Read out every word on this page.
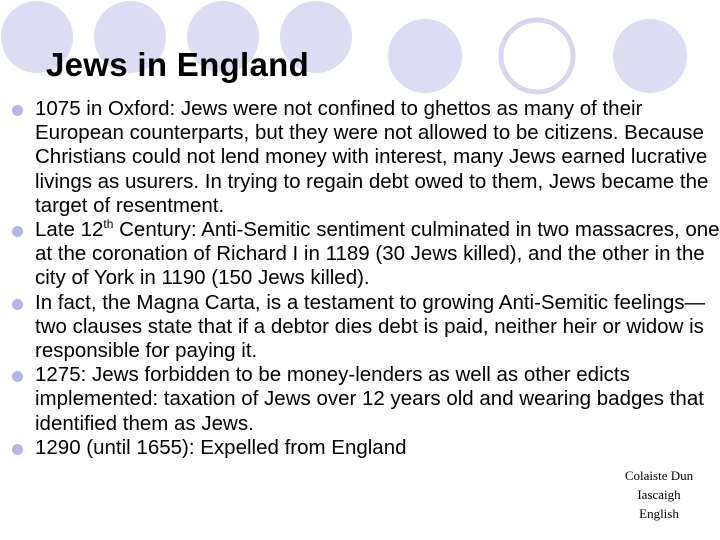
Jews in England
1075 in Oxford: Jews were not confined to ghettos as many of their European counterparts, but they were not allowed to be citizens. Because Christians could not lend money with interest, many Jews earned lucrative livings as usurers. In trying to regain debt owed to them, Jews became the target of resentment.
Late 12th Century: Anti-Semitic sentiment culminated in two massacres, one at the coronation of Richard I in 1189 (30 Jews killed), and the other in the city of York in 1190 (150 Jews killed).
In fact, the Magna Carta, is a testament to growing Anti-Semitic feelings—two clauses state that if a debtor dies debt is paid, neither heir or widow is responsible for paying it.
1275: Jews forbidden to be money-lenders as well as other edicts implemented: taxation of Jews over 12 years old and wearing badges that identified them as Jews.
1290 (until 1655): Expelled from England
Colaiste Dun
Iascaigh
English
